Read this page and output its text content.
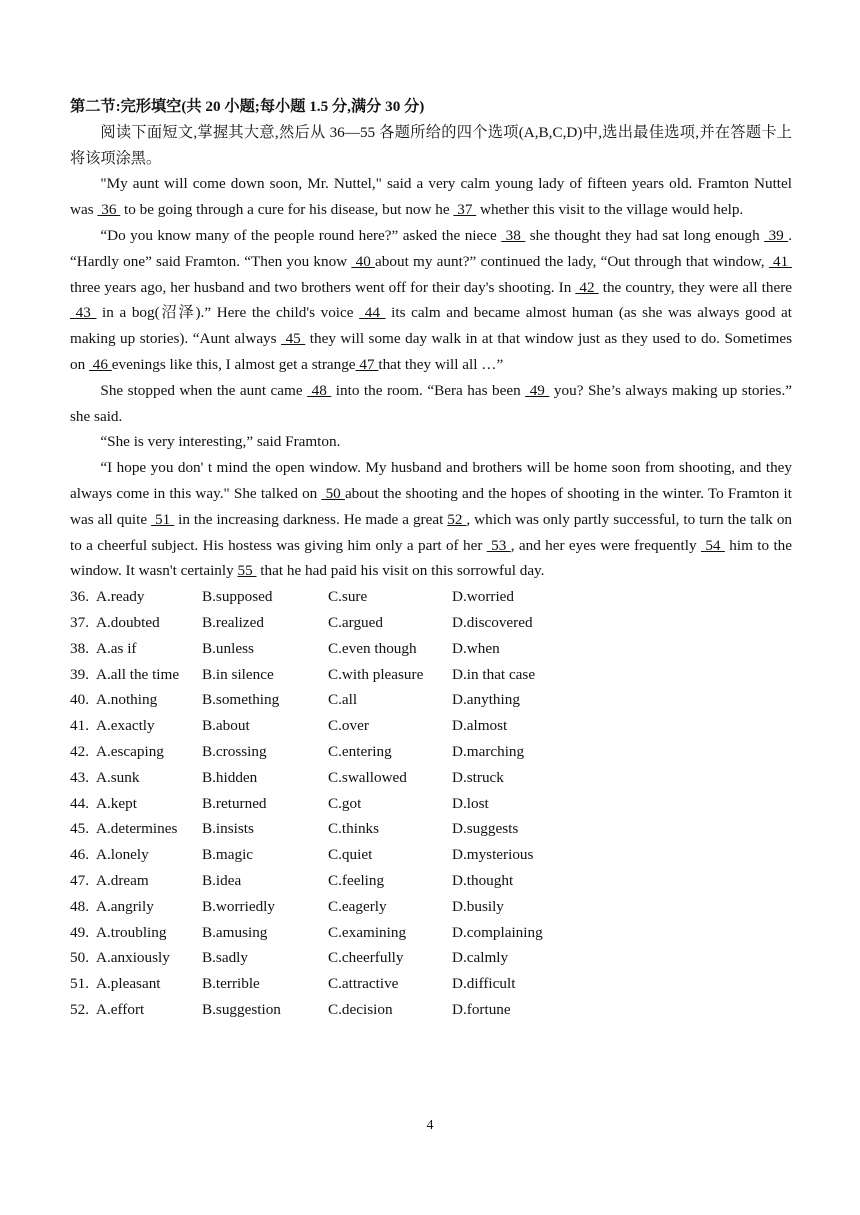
第二节:完形填空(共 20 小题;每小题 1.5 分,满分 30 分)

阅读下面短文,掌握其大意,然后从 36—55 各题所给的四个选项(A,B,C,D)中,选出最佳选项,并在答题卡上将该项涂黑。

"My aunt will come down soon, Mr. Nuttel," said a very calm young lady of fifteen years old. Framton Nuttel was  36  to be going through a cure for his disease, but now he  37  whether this visit to the village would help.

“Do you know many of the people round here?” asked the niece  38  she thought they had sat long enough  39 . “Hardly one” said Framton. “Then you know  40 about my aunt?” continued the lady, “Out through that window,  41  three years ago, her husband and two brothers went off for their day's shooting. In  42  the country, they were all there  43  in a bog(沼泽).” Here the child's voice  44  its calm and became almost human (as she was always good at making up stories). “Aunt always  45  they will some day walk in at that window just as they used to do. Sometimes on  46 evenings like this, I almost get a strange 47 that they will all …”

She stopped when the aunt came  48  into the room. “Bera has been  49  you? She’s always making up stories.” she said.

“She is very interesting,” said Framton.

“I hope you don' t mind the open window. My husband and brothers will be home soon from shooting, and they always come in this way." She talked on  50 about the shooting and the hopes of shooting in the winter. To Framton it was all quite  51  in the increasing darkness. He made a great 52 , which was only partly successful, to turn the talk on to a cheerful subject. His hostess was giving him only a part of her  53 , and her eyes were frequently  54  him to the window. It wasn't certainly 55  that he had paid his visit on this sorrowful day.

36. A.ready	B.supposed	C.sure	D.worried
37. A.doubted	B.realized	C.argued	D.discovered
38. A.as if	B.unless	C.even though	D.when
39. A.all the time	B.in silence	C.with pleasure	D.in that case
40. A.nothing	B.something	C.all	D.anything
41. A.exactly	B.about	C.over	D.almost
42. A.escaping	B.crossing	C.entering	D.marching
43. A.sunk	B.hidden	C.swallowed	D.struck
44. A.kept	B.returned	C.got	D.lost
45. A.determines	B.insists	C.thinks	D.suggests
46. A.lonely	B.magic	C.quiet	D.mysterious
47. A.dream	B.idea	C.feeling	D.thought
48. A.angrily	B.worriedly	C.eagerly	D.busily
49. A.troubling	B.amusing	C.examining	D.complaining
50. A.anxiously	B.sadly	C.cheerfully	D.calmly
51. A.pleasant	B.terrible	C.attractive	D.difficult
52. A.effort	B.suggestion	C.decision	D.fortune
4
